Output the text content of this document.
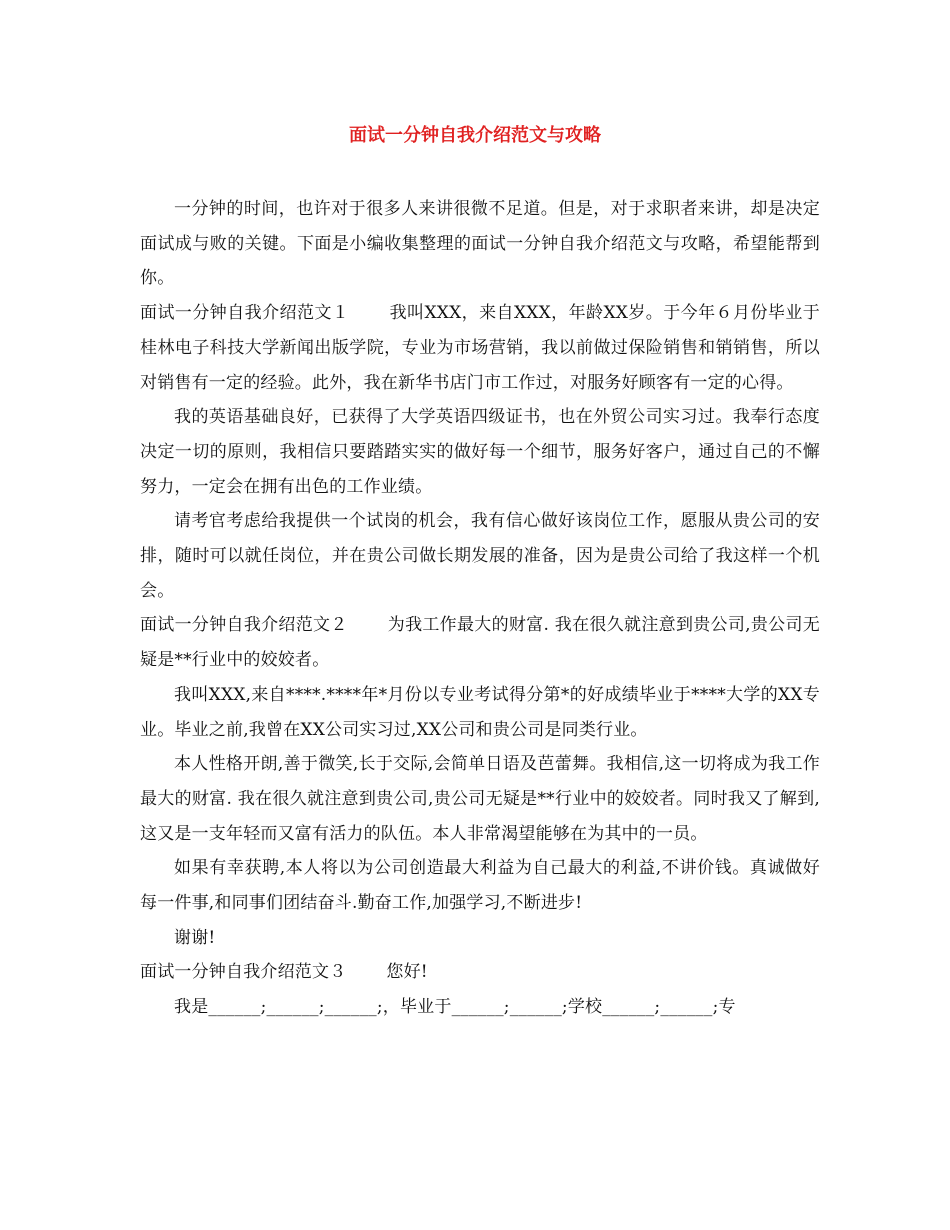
面试一分钟自我介绍范文与攻略

一分钟的时间，也许对于很多人来讲很微不足道。但是，对于求职者来讲，却是决定面试成与败的关键。下面是小编收集整理的面试一分钟自我介绍范文与攻略，希望能帮到你。

面试一分钟自我介绍范文１ 我叫XXX，来自XXX，年龄XX岁。于今年６月份毕业于桂林电子科技大学新闻出版学院，专业为市场营销，我以前做过保险销售和销销售，所以对销售有一定的经验。此外，我在新华书店门市工作过，对服务好顾客有一定的心得。

我的英语基础良好，已获得了大学英语四级证书，也在外贸公司实习过。我奉行态度决定一切的原则，我相信只要踏踏实实的做好每一个细节，服务好客户，通过自己的不懈努力，一定会在拥有出色的工作业绩。

请考官考虑给我提供一个试岗的机会，我有信心做好该岗位工作，愿服从贵公司的安排，随时可以就任岗位，并在贵公司做长期发展的准备，因为是贵公司给了我这样一个机会。

面试一分钟自我介绍范文２ 为我工作最大的财富. 我在很久就注意到贵公司,贵公司无疑是**行业中的姣姣者。

我叫XXX,来自****.****年*月份以专业考试得分第*的好成绩毕业于****大学的XX专业。毕业之前,我曾在XX公司实习过,XX公司和贵公司是同类行业。

本人性格开朗,善于微笑,长于交际,会简单日语及芭蕾舞。我相信,这一切将成为我工作最大的财富. 我在很久就注意到贵公司,贵公司无疑是**行业中的姣姣者。同时我又了解到,这又是一支年轻而又富有活力的队伍。本人非常渴望能够在为其中的一员。

如果有幸获聘,本人将以为公司创造最大利益为自己最大的利益,不讲价钱。真诚做好每一件事,和同事们团结奋斗.勤奋工作,加强学习,不断进步!

谢谢!

面试一分钟自我介绍范文３ 您好!

我是______;______;______;，毕业于______;______;学校______;______;专
